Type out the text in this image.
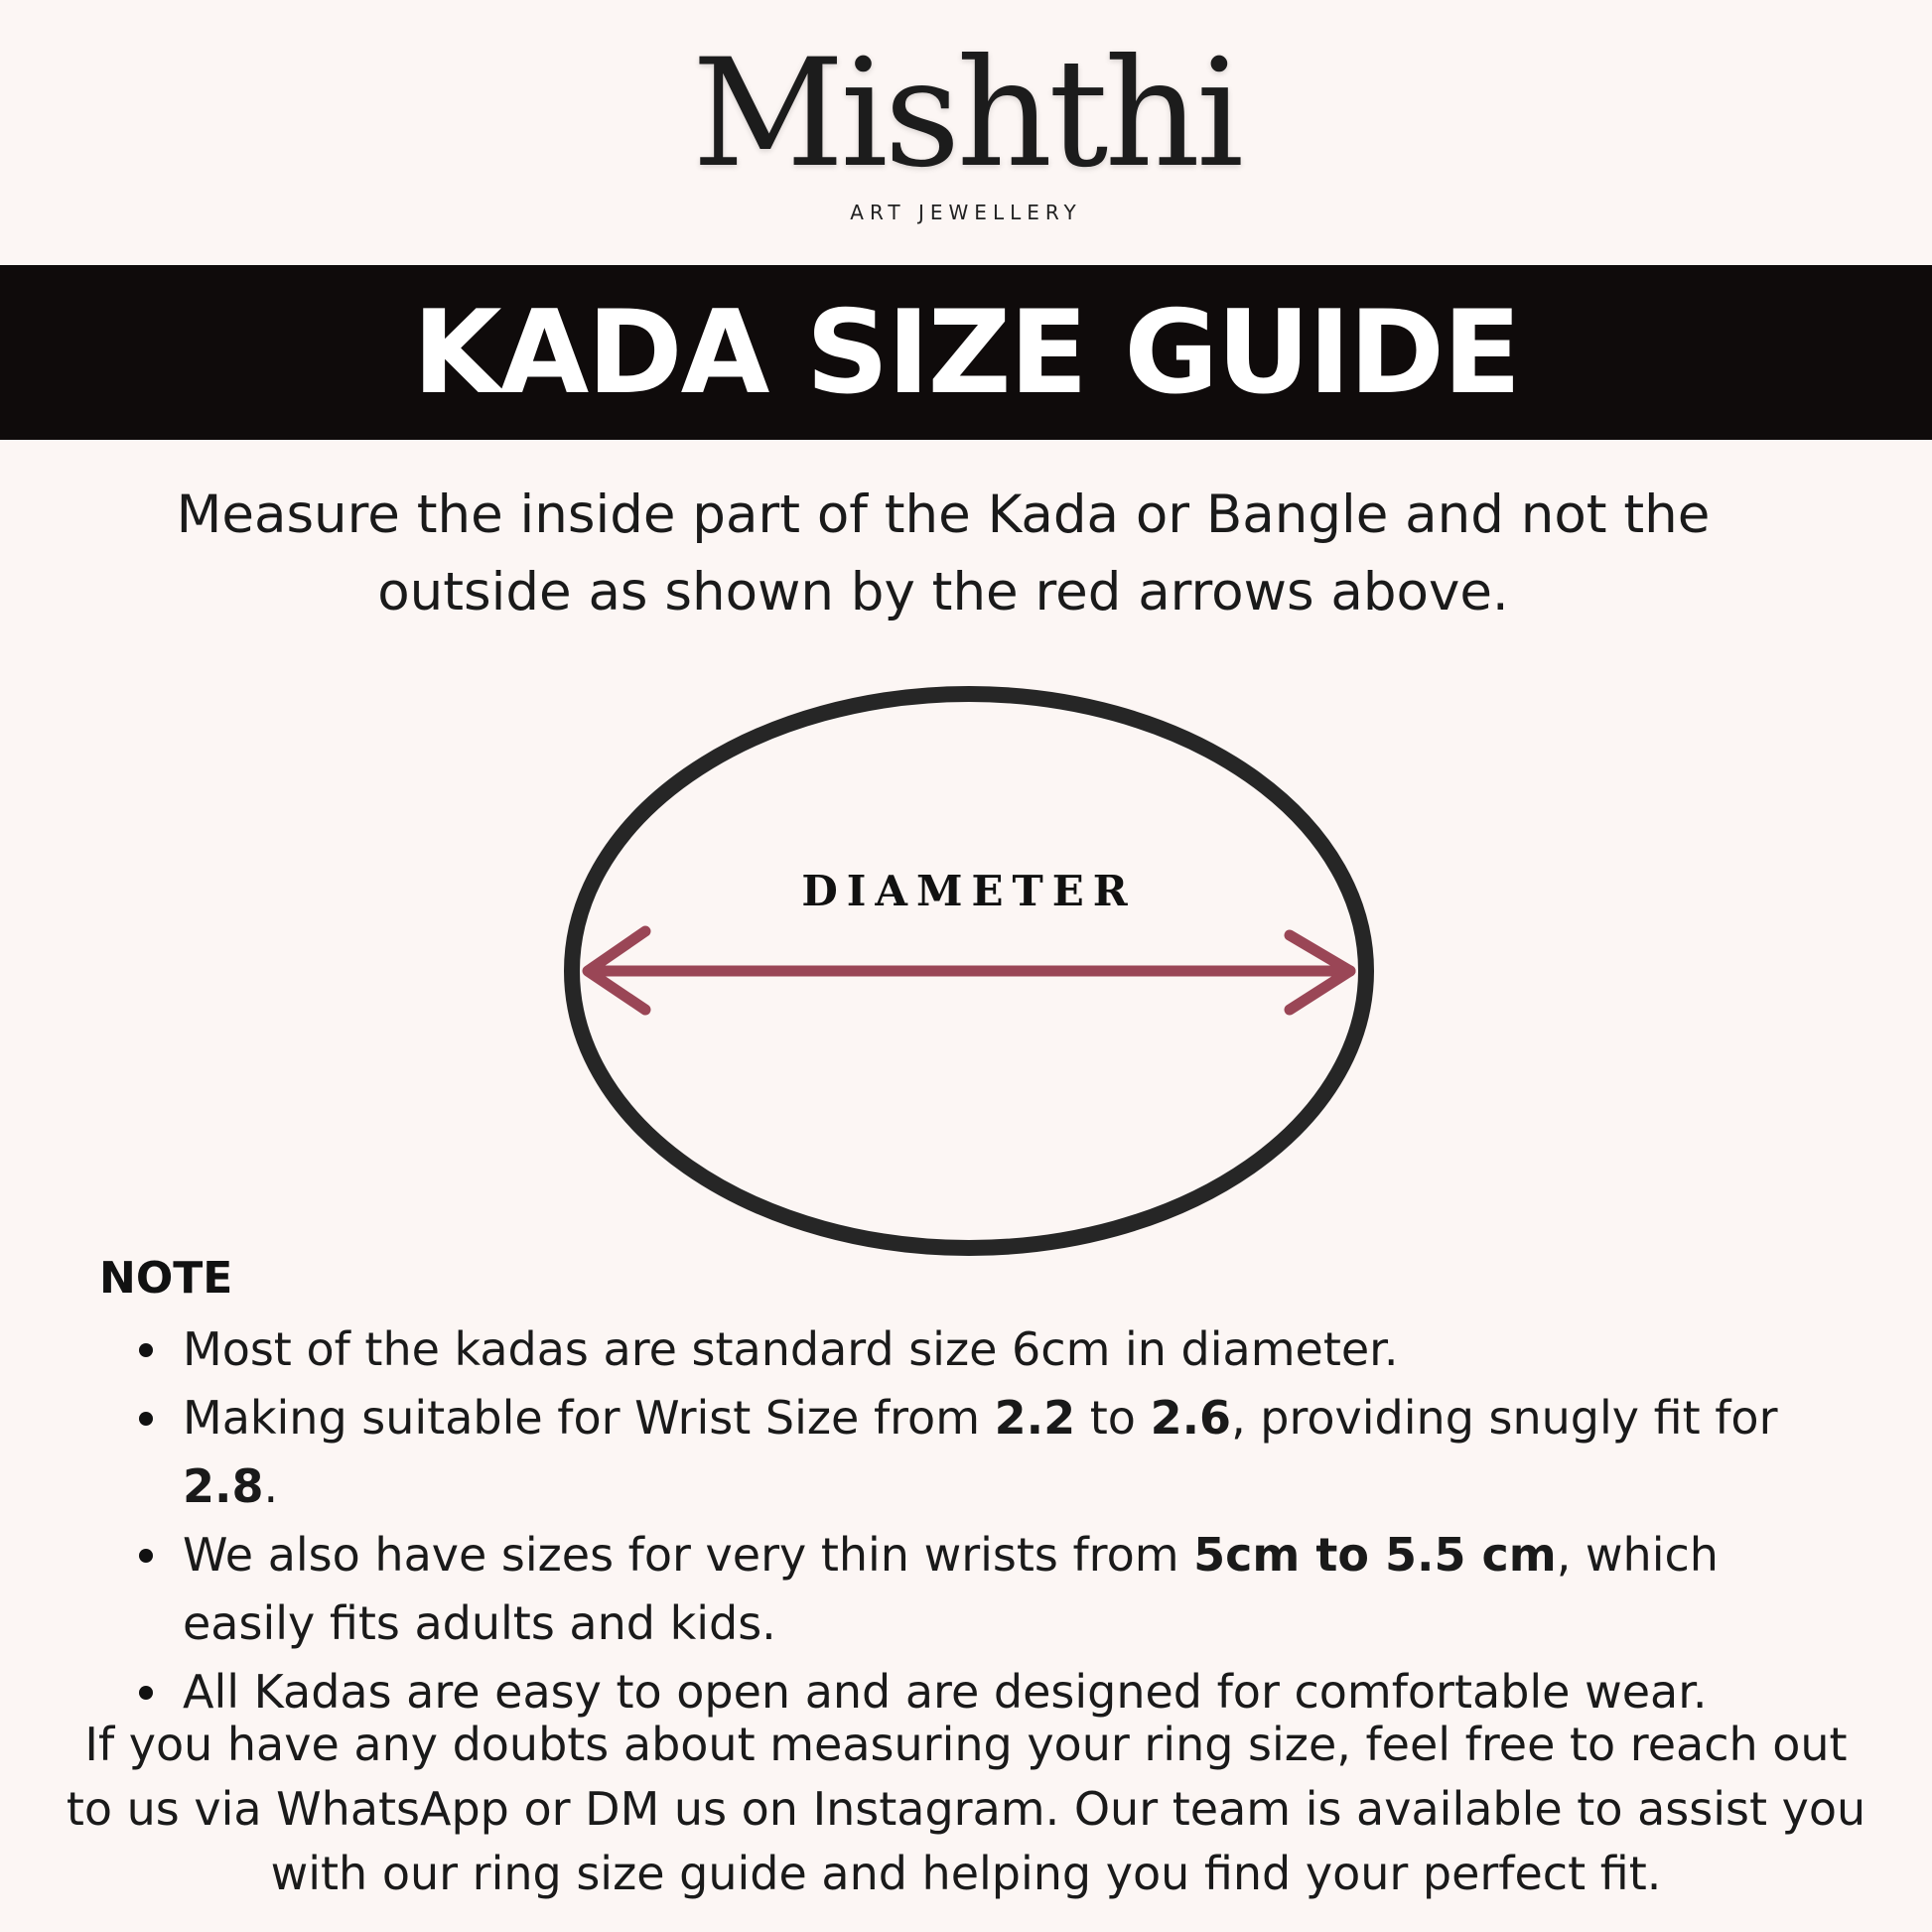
Mishthi
ART JEWELLERY
KADA SIZE GUIDE
Measure the inside part of the Kada or Bangle and not the outside as shown by the red arrows above.
DIAMETER
NOTE
Most of the kadas are standard size 6cm in diameter.
Making suitable for Wrist Size from 2.2 to 2.6, providing snugly fit for 2.8.
We also have sizes for very thin wrists from 5cm to 5.5 cm, which easily fits adults and kids.
All Kadas are easy to open and are designed for comfortable wear.
If you have any doubts about measuring your ring size, feel free to reach out to us via WhatsApp or DM us on Instagram. Our team is available to assist you with our ring size guide and helping you find your perfect fit.
